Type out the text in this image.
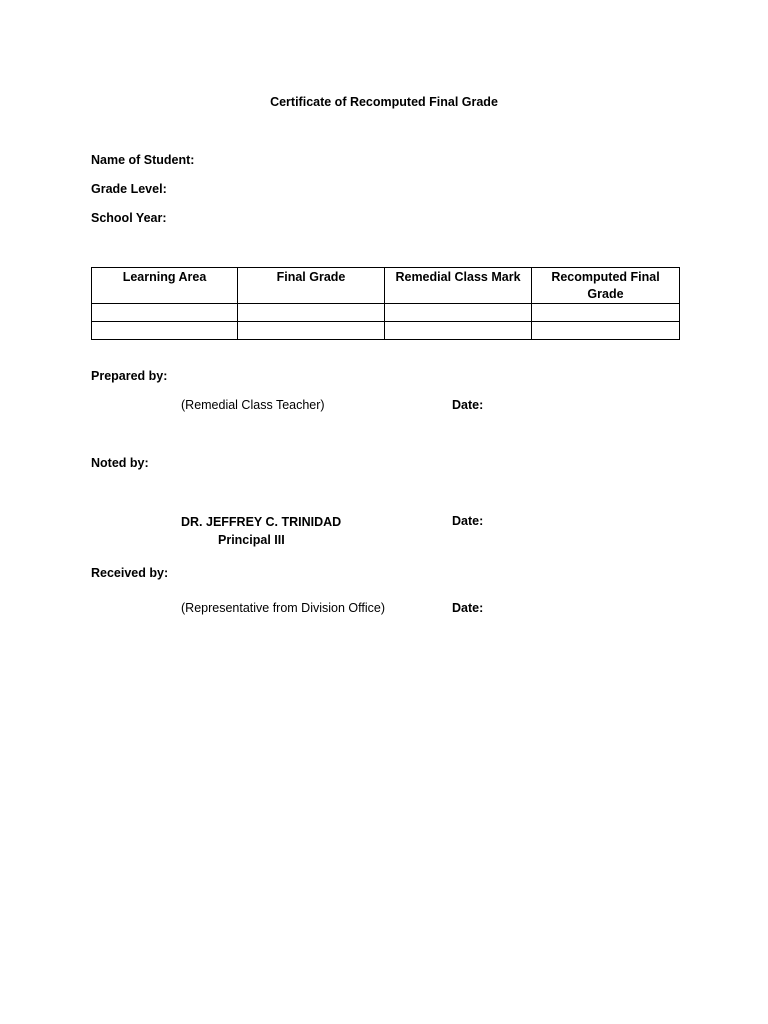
Certificate of Recomputed Final Grade
Name of Student:
Grade Level:
School Year:
Learning Area	Final Grade	Remedial Class Mark	Recomputed Final Grade

Prepared by:
(Remedial Class Teacher)	Date:
Noted by:
DR. JEFFREY C. TRINIDAD
Principal III
Date:
Received by:
(Representative from Division Office)	Date:
